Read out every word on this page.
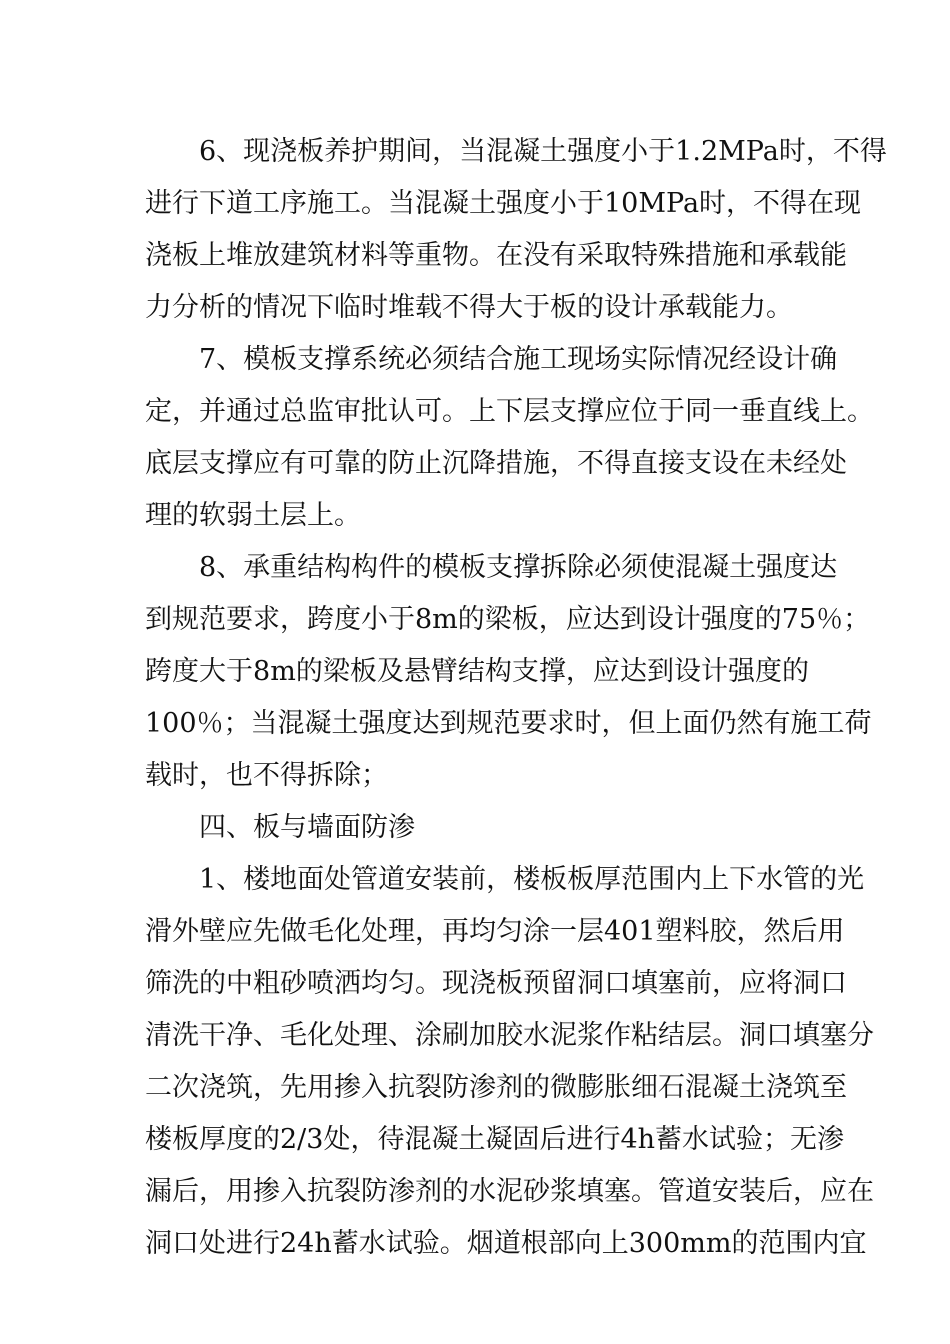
6、现浇板养护期间，当混凝土强度小于1.2MPa时，不得
进行下道工序施工。当混凝土强度小于10MPa时，不得在现
浇板上堆放建筑材料等重物。在没有采取特殊措施和承载能
力分析的情况下临时堆载不得大于板的设计承载能力。
7、模板支撑系统必须结合施工现场实际情况经设计确
定，并通过总监审批认可。上下层支撑应位于同一垂直线上。
底层支撑应有可靠的防止沉降措施，不得直接支设在未经处
理的软弱土层上。
8、承重结构构件的模板支撑拆除必须使混凝土强度达
到规范要求，跨度小于8m的梁板，应达到设计强度的75％；
跨度大于8m的梁板及悬臂结构支撑，应达到设计强度的
100％；当混凝土强度达到规范要求时，但上面仍然有施工荷
载时，也不得拆除；
四、板与墙面防渗
1、楼地面处管道安装前，楼板板厚范围内上下水管的光
滑外壁应先做毛化处理，再均匀涂一层401塑料胶，然后用
筛洗的中粗砂喷洒均匀。现浇板预留洞口填塞前，应将洞口
清洗干净、毛化处理、涂刷加胶水泥浆作粘结层。洞口填塞分
二次浇筑，先用掺入抗裂防渗剂的微膨胀细石混凝土浇筑至
楼板厚度的2/3处，待混凝土凝固后进行4h蓄水试验；无渗
漏后，用掺入抗裂防渗剂的水泥砂浆填塞。管道安装后，应在
洞口处进行24h蓄水试验。烟道根部向上300mm的范围内宜
